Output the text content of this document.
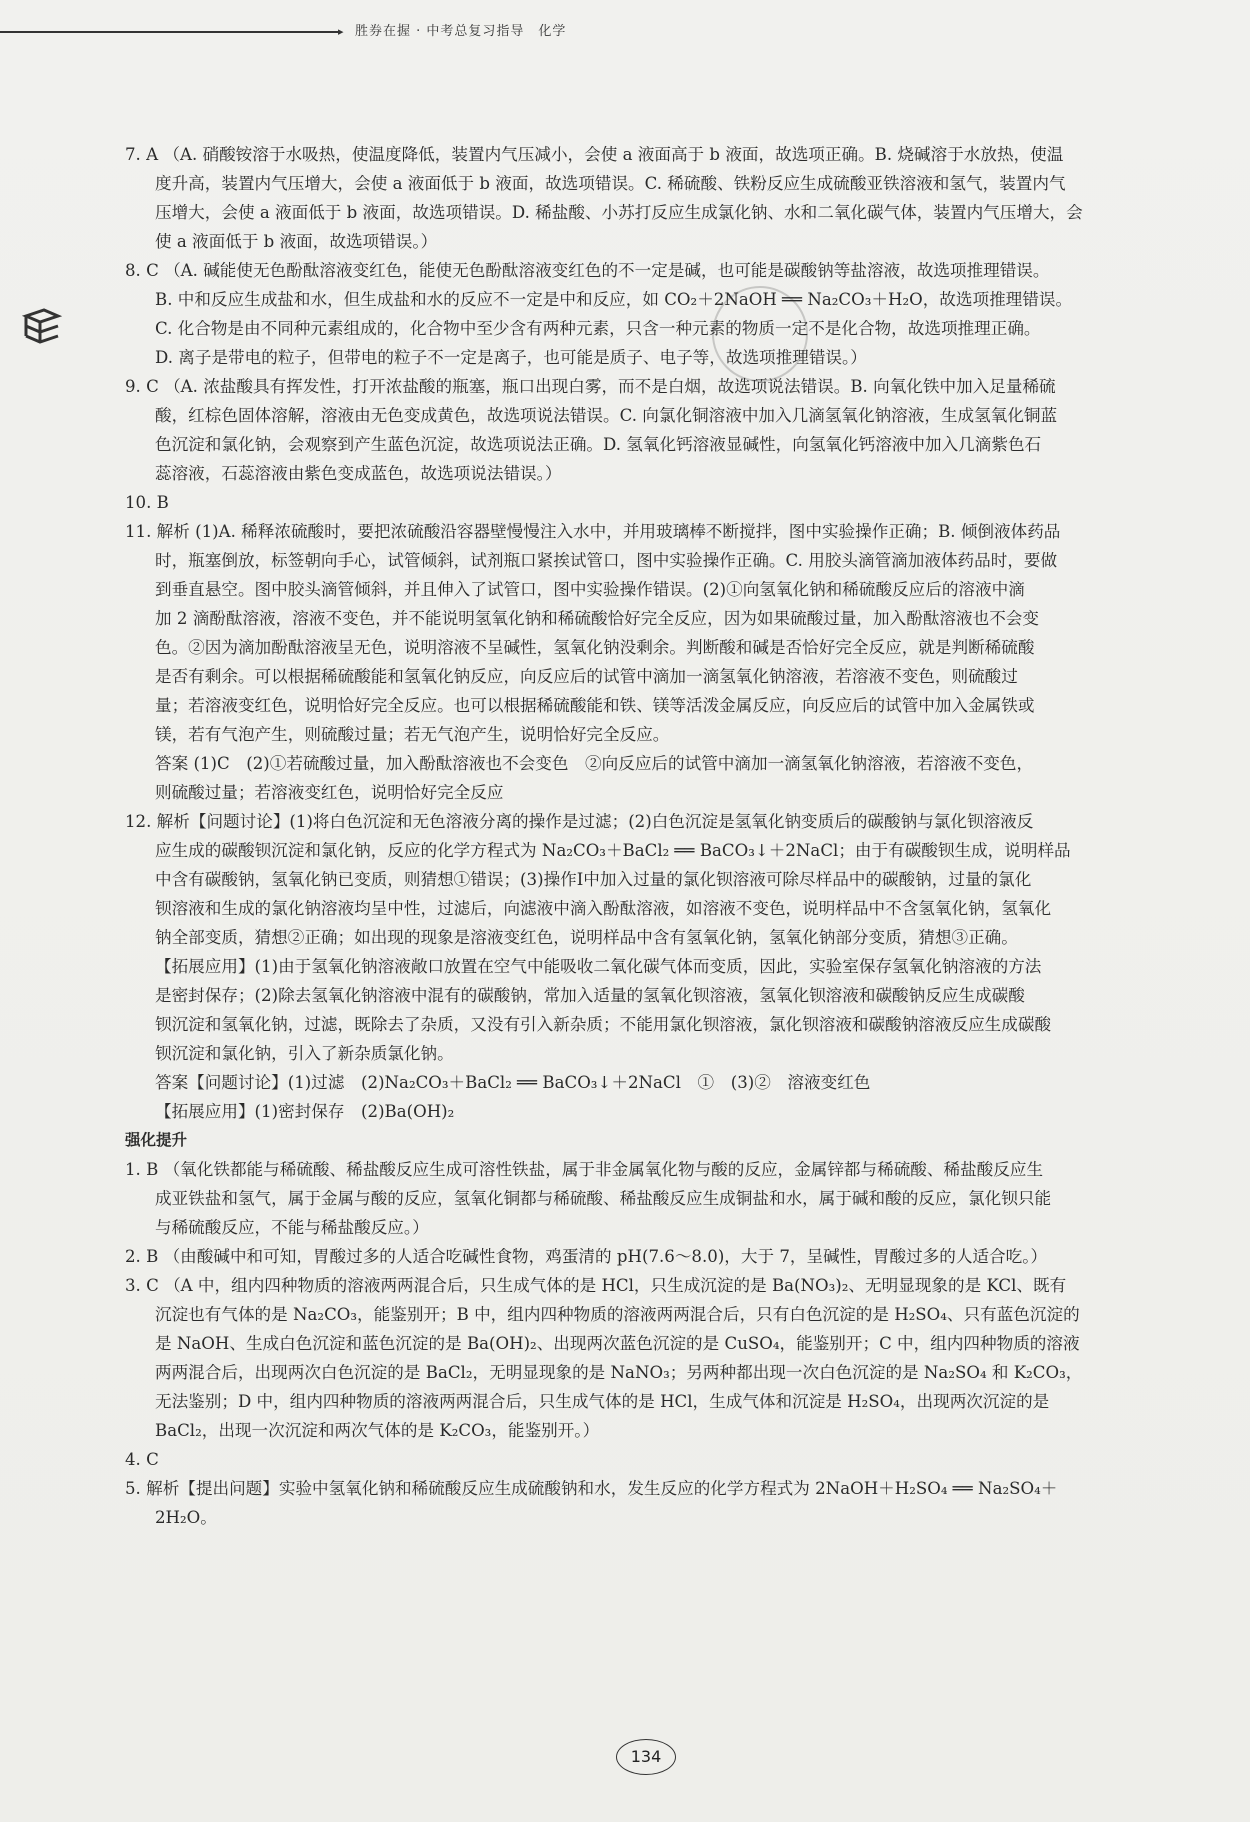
▸ 胜券在握 · 中考总复习指导　化学
7. A （A. 硝酸铵溶于水吸热，使温度降低，装置内气压减小，会使 a 液面高于 b 液面，故选项正确。B. 烧碱溶于水放热，使温
度升高，装置内气压增大，会使 a 液面低于 b 液面，故选项错误。C. 稀硫酸、铁粉反应生成硫酸亚铁溶液和氢气，装置内气
压增大，会使 a 液面低于 b 液面，故选项错误。D. 稀盐酸、小苏打反应生成氯化钠、水和二氧化碳气体，装置内气压增大，会
使 a 液面低于 b 液面，故选项错误。）
8. C （A. 碱能使无色酚酞溶液变红色，能使无色酚酞溶液变红色的不一定是碱，也可能是碳酸钠等盐溶液，故选项推理错误。
B. 中和反应生成盐和水，但生成盐和水的反应不一定是中和反应，如 CO₂＋2NaOH ══ Na₂CO₃＋H₂O，故选项推理错误。
C. 化合物是由不同种元素组成的，化合物中至少含有两种元素，只含一种元素的物质一定不是化合物，故选项推理正确。
D. 离子是带电的粒子，但带电的粒子不一定是离子，也可能是质子、电子等，故选项推理错误。）
9. C （A. 浓盐酸具有挥发性，打开浓盐酸的瓶塞，瓶口出现白雾，而不是白烟，故选项说法错误。B. 向氧化铁中加入足量稀硫
酸，红棕色固体溶解，溶液由无色变成黄色，故选项说法错误。C. 向氯化铜溶液中加入几滴氢氧化钠溶液，生成氢氧化铜蓝
色沉淀和氯化钠，会观察到产生蓝色沉淀，故选项说法正确。D. 氢氧化钙溶液显碱性，向氢氧化钙溶液中加入几滴紫色石
蕊溶液，石蕊溶液由紫色变成蓝色，故选项说法错误。）
10. B
11. 解析 (1)A. 稀释浓硫酸时，要把浓硫酸沿容器壁慢慢注入水中，并用玻璃棒不断搅拌，图中实验操作正确；B. 倾倒液体药品
时，瓶塞倒放，标签朝向手心，试管倾斜，试剂瓶口紧挨试管口，图中实验操作正确。C. 用胶头滴管滴加液体药品时，要做
到垂直悬空。图中胶头滴管倾斜，并且伸入了试管口，图中实验操作错误。(2)①向氢氧化钠和稀硫酸反应后的溶液中滴
加 2 滴酚酞溶液，溶液不变色，并不能说明氢氧化钠和稀硫酸恰好完全反应，因为如果硫酸过量，加入酚酞溶液也不会变
色。②因为滴加酚酞溶液呈无色，说明溶液不呈碱性，氢氧化钠没剩余。判断酸和碱是否恰好完全反应，就是判断稀硫酸
是否有剩余。可以根据稀硫酸能和氢氧化钠反应，向反应后的试管中滴加一滴氢氧化钠溶液，若溶液不变色，则硫酸过
量；若溶液变红色，说明恰好完全反应。也可以根据稀硫酸能和铁、镁等活泼金属反应，向反应后的试管中加入金属铁或
镁，若有气泡产生，则硫酸过量；若无气泡产生，说明恰好完全反应。
答案 (1)C　(2)①若硫酸过量，加入酚酞溶液也不会变色　②向反应后的试管中滴加一滴氢氧化钠溶液，若溶液不变色，
则硫酸过量；若溶液变红色，说明恰好完全反应
12. 解析【问题讨论】(1)将白色沉淀和无色溶液分离的操作是过滤；(2)白色沉淀是氢氧化钠变质后的碳酸钠与氯化钡溶液反
应生成的碳酸钡沉淀和氯化钠，反应的化学方程式为 Na₂CO₃＋BaCl₂ ══ BaCO₃↓＋2NaCl；由于有碳酸钡生成，说明样品
中含有碳酸钠，氢氧化钠已变质，则猜想①错误；(3)操作Ⅰ中加入过量的氯化钡溶液可除尽样品中的碳酸钠，过量的氯化
钡溶液和生成的氯化钠溶液均呈中性，过滤后，向滤液中滴入酚酞溶液，如溶液不变色，说明样品中不含氢氧化钠，氢氧化
钠全部变质，猜想②正确；如出现的现象是溶液变红色，说明样品中含有氢氧化钠，氢氧化钠部分变质，猜想③正确。
【拓展应用】(1)由于氢氧化钠溶液敞口放置在空气中能吸收二氧化碳气体而变质，因此，实验室保存氢氧化钠溶液的方法
是密封保存；(2)除去氢氧化钠溶液中混有的碳酸钠，常加入适量的氢氧化钡溶液，氢氧化钡溶液和碳酸钠反应生成碳酸
钡沉淀和氢氧化钠，过滤，既除去了杂质，又没有引入新杂质；不能用氯化钡溶液，氯化钡溶液和碳酸钠溶液反应生成碳酸
钡沉淀和氯化钠，引入了新杂质氯化钠。
答案【问题讨论】(1)过滤　(2)Na₂CO₃＋BaCl₂ ══ BaCO₃↓＋2NaCl　①　(3)②　溶液变红色
【拓展应用】(1)密封保存　(2)Ba(OH)₂
强化提升
1. B （氧化铁都能与稀硫酸、稀盐酸反应生成可溶性铁盐，属于非金属氧化物与酸的反应，金属锌都与稀硫酸、稀盐酸反应生
成亚铁盐和氢气，属于金属与酸的反应，氢氧化铜都与稀硫酸、稀盐酸反应生成铜盐和水，属于碱和酸的反应，氯化钡只能
与稀硫酸反应，不能与稀盐酸反应。）
2. B （由酸碱中和可知，胃酸过多的人适合吃碱性食物，鸡蛋清的 pH(7.6～8.0)，大于 7，呈碱性，胃酸过多的人适合吃。）
3. C （A 中，组内四种物质的溶液两两混合后，只生成气体的是 HCl，只生成沉淀的是 Ba(NO₃)₂、无明显现象的是 KCl、既有
沉淀也有气体的是 Na₂CO₃，能鉴别开；B 中，组内四种物质的溶液两两混合后，只有白色沉淀的是 H₂SO₄、只有蓝色沉淀的
是 NaOH、生成白色沉淀和蓝色沉淀的是 Ba(OH)₂、出现两次蓝色沉淀的是 CuSO₄，能鉴别开；C 中，组内四种物质的溶液
两两混合后，出现两次白色沉淀的是 BaCl₂，无明显现象的是 NaNO₃；另两种都出现一次白色沉淀的是 Na₂SO₄ 和 K₂CO₃，
无法鉴别；D 中，组内四种物质的溶液两两混合后，只生成气体的是 HCl，生成气体和沉淀是 H₂SO₄，出现两次沉淀的是
BaCl₂，出现一次沉淀和两次气体的是 K₂CO₃，能鉴别开。）
4. C
5. 解析【提出问题】实验中氢氧化钠和稀硫酸反应生成硫酸钠和水，发生反应的化学方程式为 2NaOH＋H₂SO₄ ══ Na₂SO₄＋
2H₂O。
134
